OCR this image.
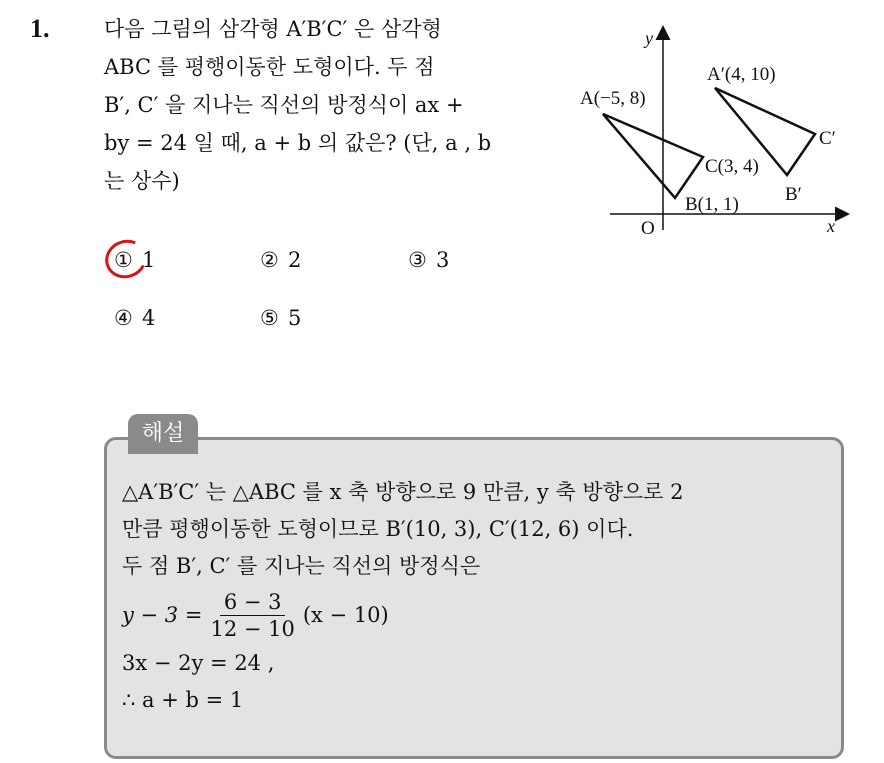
1.	다음 그림의 삼각형 A′B′C′ 은 삼각형
ABC 를 평행이동한 도형이다. 두 점
B′, C′ 을 지나는 직선의 방정식이 ax +
by = 24 일 때, a + b 의 값은? (단, a , b
는 상수)
x
y
O
A(−5, 8)
B(1, 1)
C(3, 4)
A′(4, 10)
B′
C′
① 1	② 2	③ 3
④ 4	⑤ 5
해설
△A′B′C′ 는 △ABC 를 x 축 방향으로 9 만큼, y 축 방향으로 2
만큼 평행이동한 도형이므로 B′(10, 3), C′(12, 6) 이다.
두 점 B′, C′ 를 지나는 직선의 방정식은
$y - 3 = \frac{6 - 3}{12 - 10} (x - 10)$
3x − 2y = 24 ,
∴ a + b = 1
